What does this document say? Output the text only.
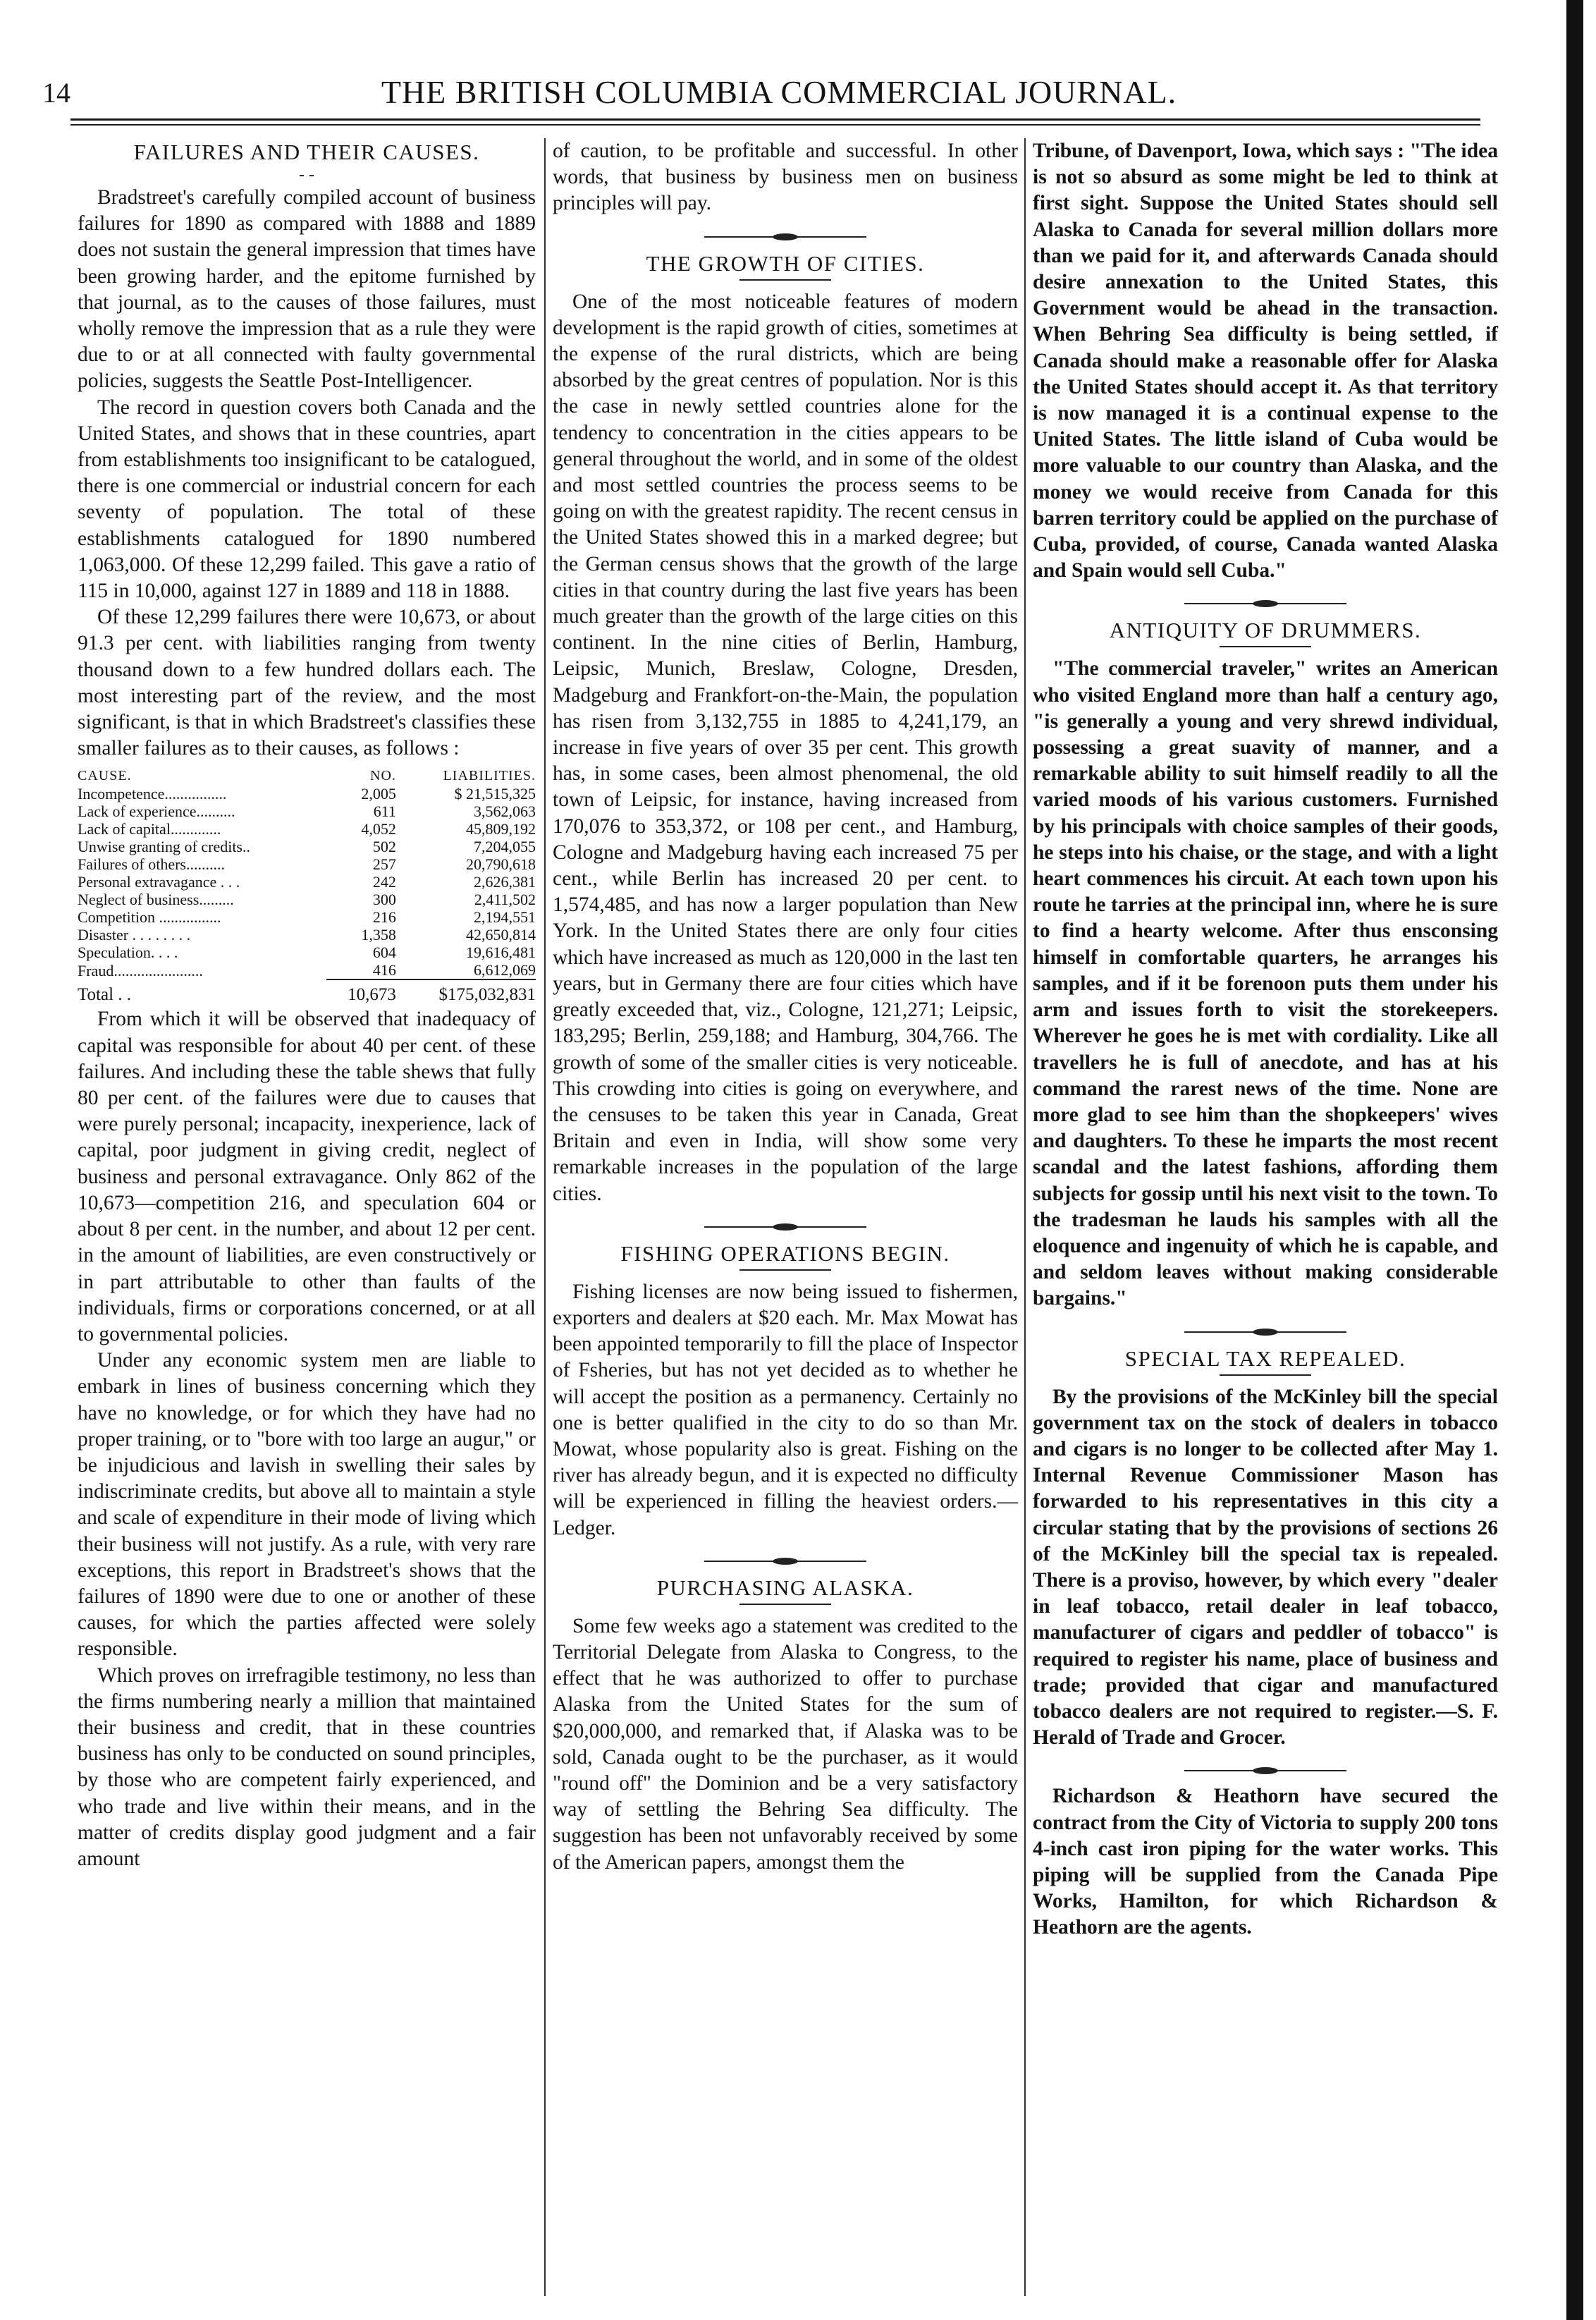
14	THE BRITISH COLUMBIA COMMERCIAL JOURNAL.
FAILURES AND THEIR CAUSES.
- -

Bradstreet's carefully compiled account of business failures for 1890 as compared with 1888 and 1889 does not sustain the general impression that times have been growing harder, and the epitome furnished by that journal, as to the causes of those failures, must wholly remove the impression that as a rule they were due to or at all connected with faulty governmental policies, suggests the Seattle Post-Intelligencer.

The record in question covers both Canada and the United States, and shows that in these countries, apart from establishments too insignificant to be catalogued, there is one commercial or industrial concern for each seventy of population. The total of these establishments catalogued for 1890 numbered 1,063,000. Of these 12,299 failed. This gave a ratio of 115 in 10,000, against 127 in 1889 and 118 in 1888.

Of these 12,299 failures there were 10,673, or about 91.3 per cent. with liabilities ranging from twenty thousand down to a few hundred dollars each. The most interesting part of the review, and the most significant, is that in which Bradstreet's classifies these smaller failures as to their causes, as follows :

CAUSE.	NO.	LIABILITIES.
Incompetence................	2,005	$ 21,515,325
Lack of experience..........	611	3,562,063
Lack of capital.............	4,052	45,809,192
Unwise granting of credits..	502	7,204,055
Failures of others..........	257	20,790,618
Personal extravagance . . .	242	2,626,381
Neglect of business.........	300	2,411,502
Competition ................	216	2,194,551
Disaster . . . . . . . .	1,358	42,650,814
Speculation. . . .	604	19,616,481
Fraud.......................	416	6,612,069
Total . .	10,673	$175,032,831

From which it will be observed that inadequacy of capital was responsible for about 40 per cent. of these failures. And including these the table shews that fully 80 per cent. of the failures were due to causes that were purely personal; incapacity, inexperience, lack of capital, poor judgment in giving credit, neglect of business and personal extravagance. Only 862 of the 10,673—competition 216, and speculation 604 or about 8 per cent. in the number, and about 12 per cent. in the amount of liabilities, are even constructively or in part attributable to other than faults of the individuals, firms or corporations concerned, or at all to governmental policies.

Under any economic system men are liable to embark in lines of business concerning which they have no knowledge, or for which they have had no proper training, or to "bore with too large an augur," or be injudicious and lavish in swelling their sales by indiscriminate credits, but above all to maintain a style and scale of expenditure in their mode of living which their business will not justify. As a rule, with very rare exceptions, this report in Bradstreet's shows that the failures of 1890 were due to one or another of these causes, for which the parties affected were solely responsible.

Which proves on irrefragible testimony, no less than the firms numbering nearly a million that maintained their business and credit, that in these countries business has only to be conducted on sound principles, by those who are competent fairly experienced, and who trade and live within their means, and in the matter of credits display good judgment and a fair amount

of caution, to be profitable and successful. In other words, that business by business men on business principles will pay.

THE GROWTH OF CITIES.

One of the most noticeable features of modern development is the rapid growth of cities, sometimes at the expense of the rural districts, which are being absorbed by the great centres of population. Nor is this the case in newly settled countries alone for the tendency to concentration in the cities appears to be general throughout the world, and in some of the oldest and most settled countries the process seems to be going on with the greatest rapidity. The recent census in the United States showed this in a marked degree; but the German census shows that the growth of the large cities in that country during the last five years has been much greater than the growth of the large cities on this continent. In the nine cities of Berlin, Hamburg, Leipsic, Munich, Breslaw, Cologne, Dresden, Madgeburg and Frankfort-on-the-Main, the population has risen from 3,132,755 in 1885 to 4,241,179, an increase in five years of over 35 per cent. This growth has, in some cases, been almost phenomenal, the old town of Leipsic, for instance, having increased from 170,076 to 353,372, or 108 per cent., and Hamburg, Cologne and Madgeburg having each increased 75 per cent., while Berlin has increased 20 per cent. to 1,574,485, and has now a larger population than New York. In the United States there are only four cities which have increased as much as 120,000 in the last ten years, but in Germany there are four cities which have greatly exceeded that, viz., Cologne, 121,271; Leipsic, 183,295; Berlin, 259,188; and Hamburg, 304,766. The growth of some of the smaller cities is very noticeable. This crowding into cities is going on everywhere, and the censuses to be taken this year in Canada, Great Britain and even in India, will show some very remarkable increases in the population of the large cities.

FISHING OPERATIONS BEGIN.

Fishing licenses are now being issued to fishermen, exporters and dealers at $20 each. Mr. Max Mowat has been appointed temporarily to fill the place of Inspector of Fsheries, but has not yet decided as to whether he will accept the position as a permanency. Certainly no one is better qualified in the city to do so than Mr. Mowat, whose popularity also is great. Fishing on the river has already begun, and it is expected no difficulty will be experienced in filling the heaviest orders.—Ledger.

PURCHASING ALASKA.

Some few weeks ago a statement was credited to the Territorial Delegate from Alaska to Congress, to the effect that he was authorized to offer to purchase Alaska from the United States for the sum of $20,000,000, and remarked that, if Alaska was to be sold, Canada ought to be the purchaser, as it would "round off" the Dominion and be a very satisfactory way of settling the Behring Sea difficulty. The suggestion has been not unfavorably received by some of the American papers, amongst them the

Tribune, of Davenport, Iowa, which says : "The idea is not so absurd as some might be led to think at first sight. Suppose the United States should sell Alaska to Canada for several million dollars more than we paid for it, and afterwards Canada should desire annexation to the United States, this Government would be ahead in the transaction. When Behring Sea difficulty is being settled, if Canada should make a reasonable offer for Alaska the United States should accept it. As that territory is now managed it is a continual expense to the United States. The little island of Cuba would be more valuable to our country than Alaska, and the money we would receive from Canada for this barren territory could be applied on the purchase of Cuba, provided, of course, Canada wanted Alaska and Spain would sell Cuba."

ANTIQUITY OF DRUMMERS.

"The commercial traveler," writes an American who visited England more than half a century ago, "is generally a young and very shrewd individual, possessing a great suavity of manner, and a remarkable ability to suit himself readily to all the varied moods of his various customers. Furnished by his principals with choice samples of their goods, he steps into his chaise, or the stage, and with a light heart commences his circuit. At each town upon his route he tarries at the principal inn, where he is sure to find a hearty welcome. After thus ensconsing himself in comfortable quarters, he arranges his samples, and if it be forenoon puts them under his arm and issues forth to visit the storekeepers. Wherever he goes he is met with cordiality. Like all travellers he is full of anecdote, and has at his command the rarest news of the time. None are more glad to see him than the shopkeepers' wives and daughters. To these he imparts the most recent scandal and the latest fashions, affording them subjects for gossip until his next visit to the town. To the tradesman he lauds his samples with all the eloquence and ingenuity of which he is capable, and and seldom leaves without making considerable bargains."

SPECIAL TAX REPEALED.

By the provisions of the McKinley bill the special government tax on the stock of dealers in tobacco and cigars is no longer to be collected after May 1. Internal Revenue Commissioner Mason has forwarded to his representatives in this city a circular stating that by the provisions of sections 26 of the McKinley bill the special tax is repealed. There is a proviso, however, by which every "dealer in leaf tobacco, retail dealer in leaf tobacco, manufacturer of cigars and peddler of tobacco" is required to register his name, place of business and trade; provided that cigar and manufactured tobacco dealers are not required to register.—S. F. Herald of Trade and Grocer.

Richardson & Heathorn have secured the contract from the City of Victoria to supply 200 tons 4-inch cast iron piping for the water works. This piping will be supplied from the Canada Pipe Works, Hamilton, for which Richardson & Heathorn are the agents.
